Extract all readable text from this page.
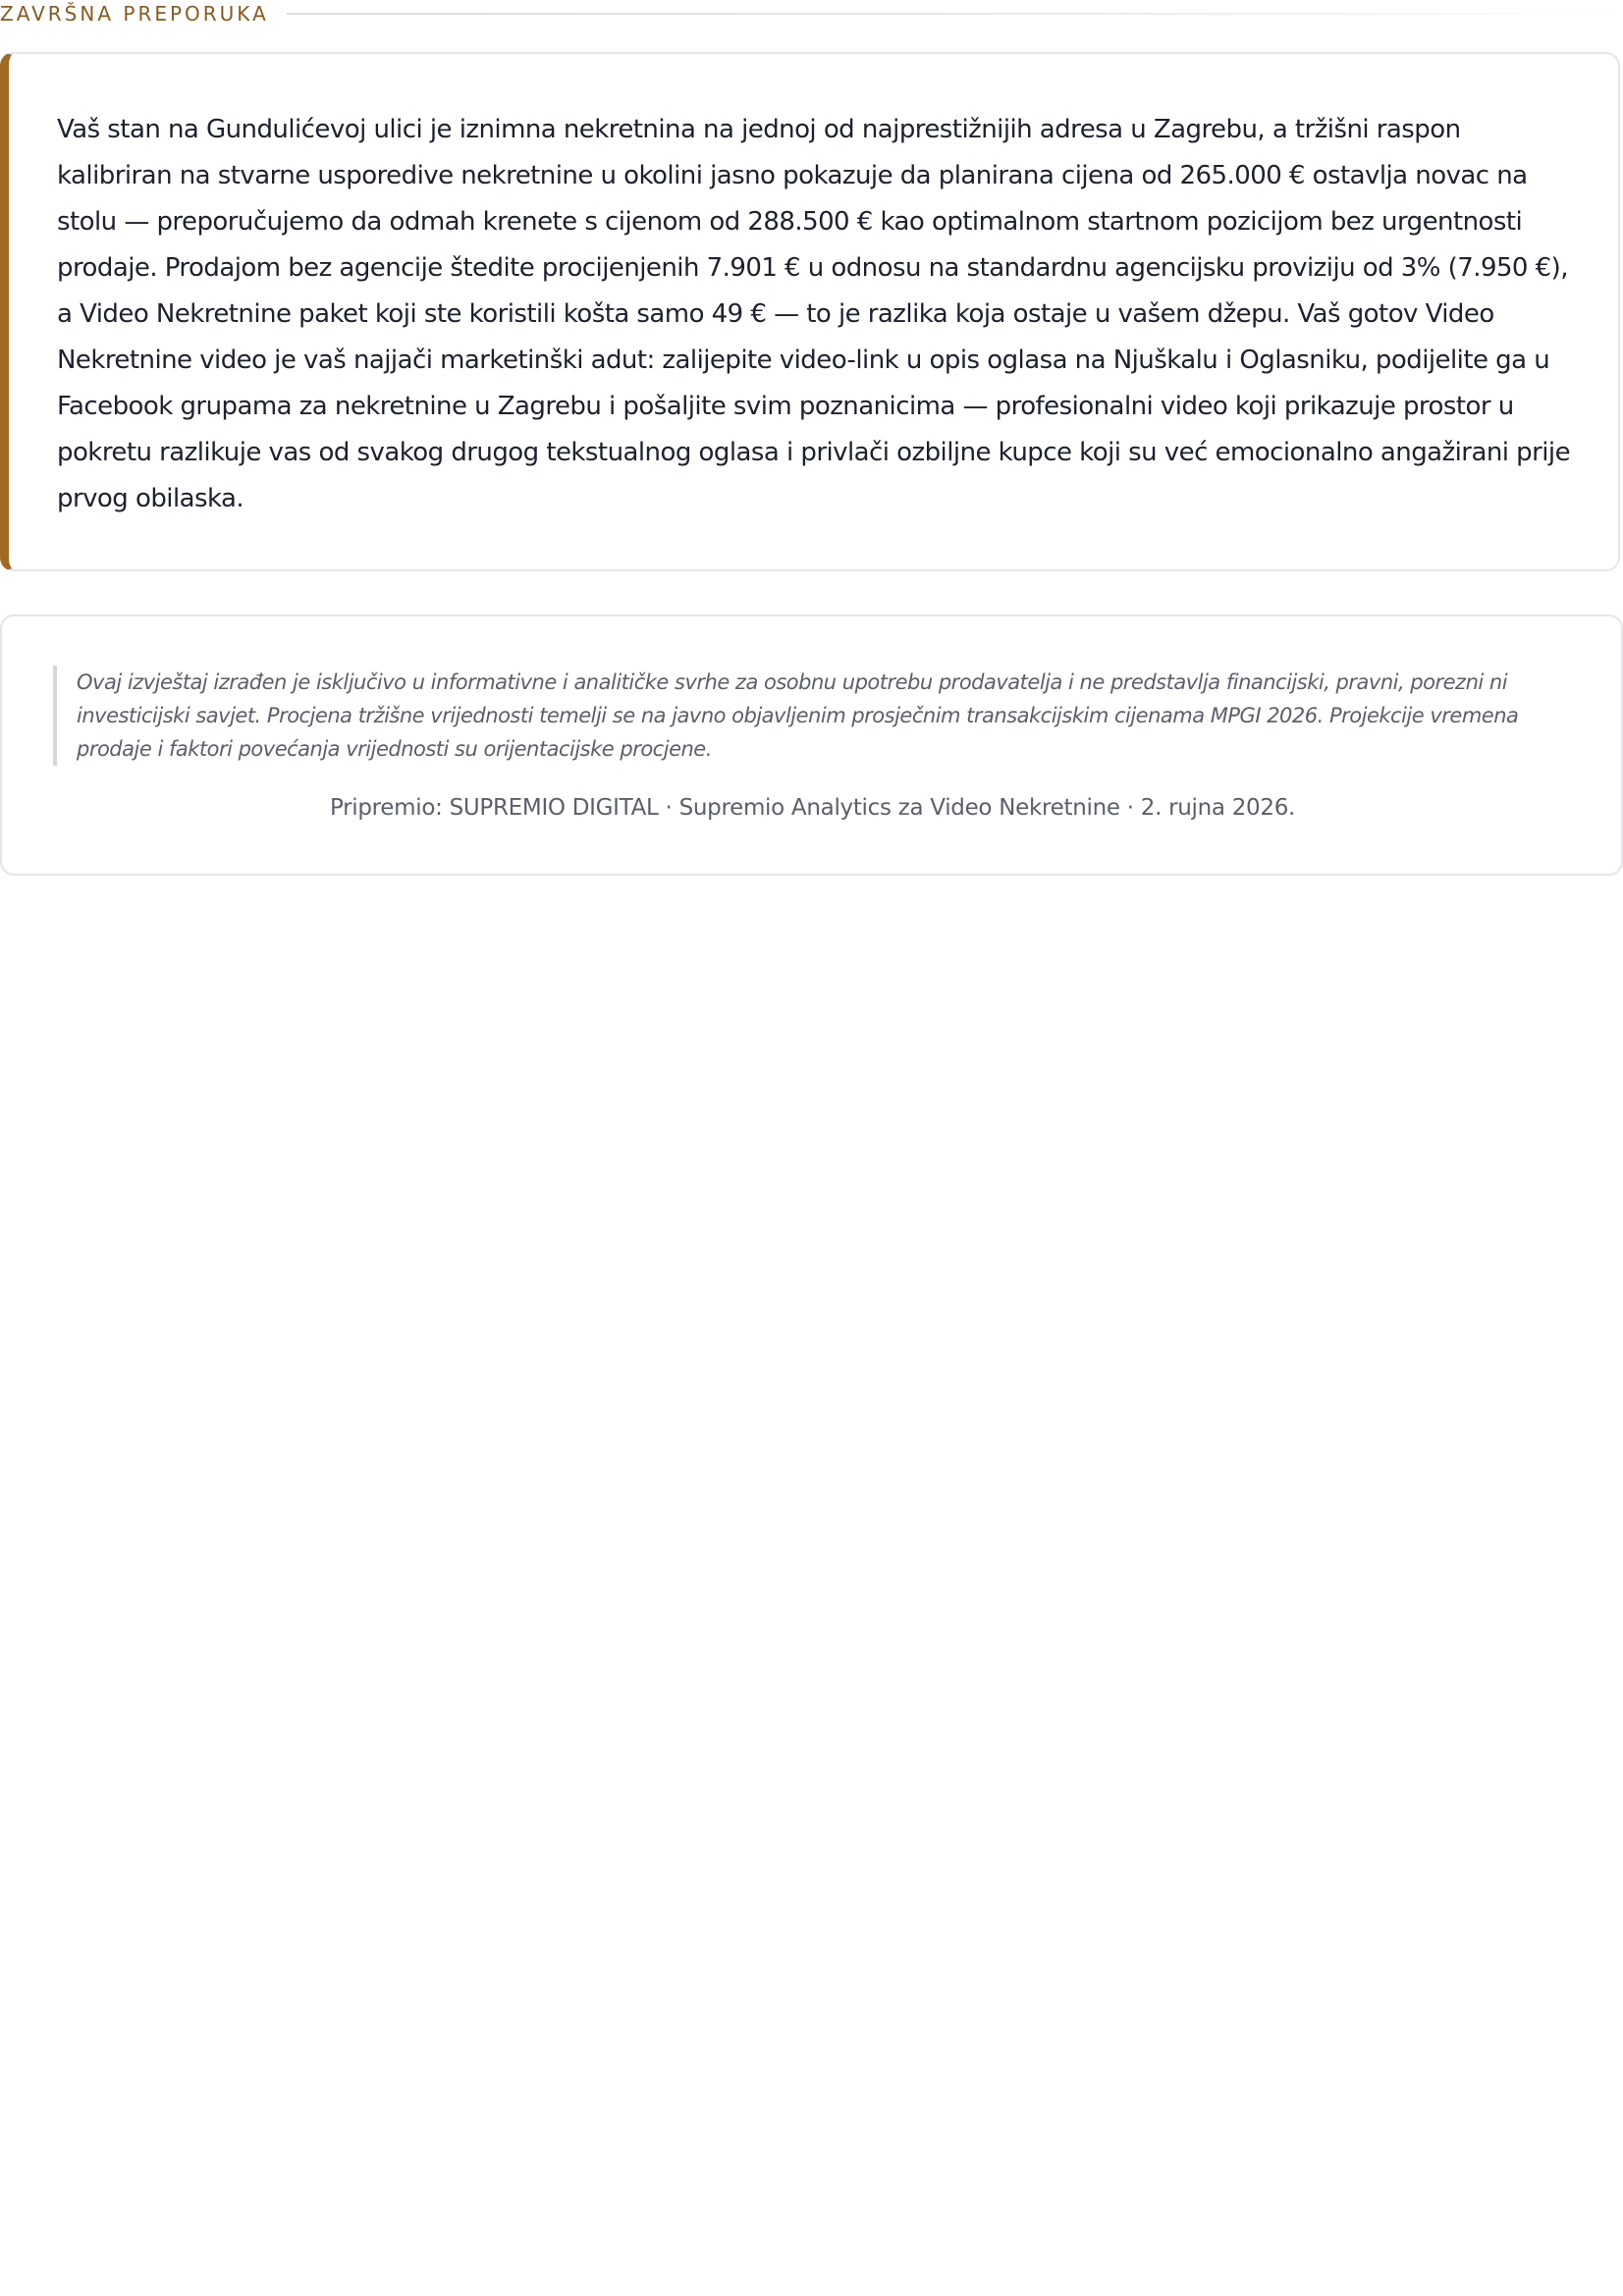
ZAVRŠNA PREPORUKA

Vaš stan na Gundulićevoj ulici je iznimna nekretnina na jednoj od najprestižnijih adresa u Zagrebu, a tržišni raspon kalibriran na stvarne usporedive nekretnine u okolini jasno pokazuje da planirana cijena od 265.000 € ostavlja novac na stolu — preporučujemo da odmah krenete s cijenom od 288.500 € kao optimalnom startnom pozicijom bez urgentnosti prodaje. Prodajom bez agencije štedite procijenjenih 7.901 € u odnosu na standardnu agencijsku proviziju od 3% (7.950 €), a Video Nekretnine paket koji ste koristili košta samo 49 € — to je razlika koja ostaje u vašem džepu. Vaš gotov Video Nekretnine video je vaš najjači marketinški adut: zalijepite video-link u opis oglasa na Njuškalu i Oglasniku, podijelite ga u Facebook grupama za nekretnine u Zagrebu i pošaljite svim poznanicima — profesionalni video koji prikazuje prostor u pokretu razlikuje vas od svakog drugog tekstualnog oglasa i privlači ozbiljne kupce koji su već emocionalno angažirani prije prvog obilaska.

Ovaj izvještaj izrađen je isključivo u informativne i analitičke svrhe za osobnu upotrebu prodavatelja i ne predstavlja financijski, pravni, porezni ni investicijski savjet. Procjena tržišne vrijednosti temelji se na javno objavljenim prosječnim transakcijskim cijenama MPGI 2026. Projekcije vremena prodaje i faktori povećanja vrijednosti su orijentacijske procjene.

Pripremio: SUPREMIO DIGITAL · Supremio Analytics za Video Nekretnine · 2. rujna 2026.
